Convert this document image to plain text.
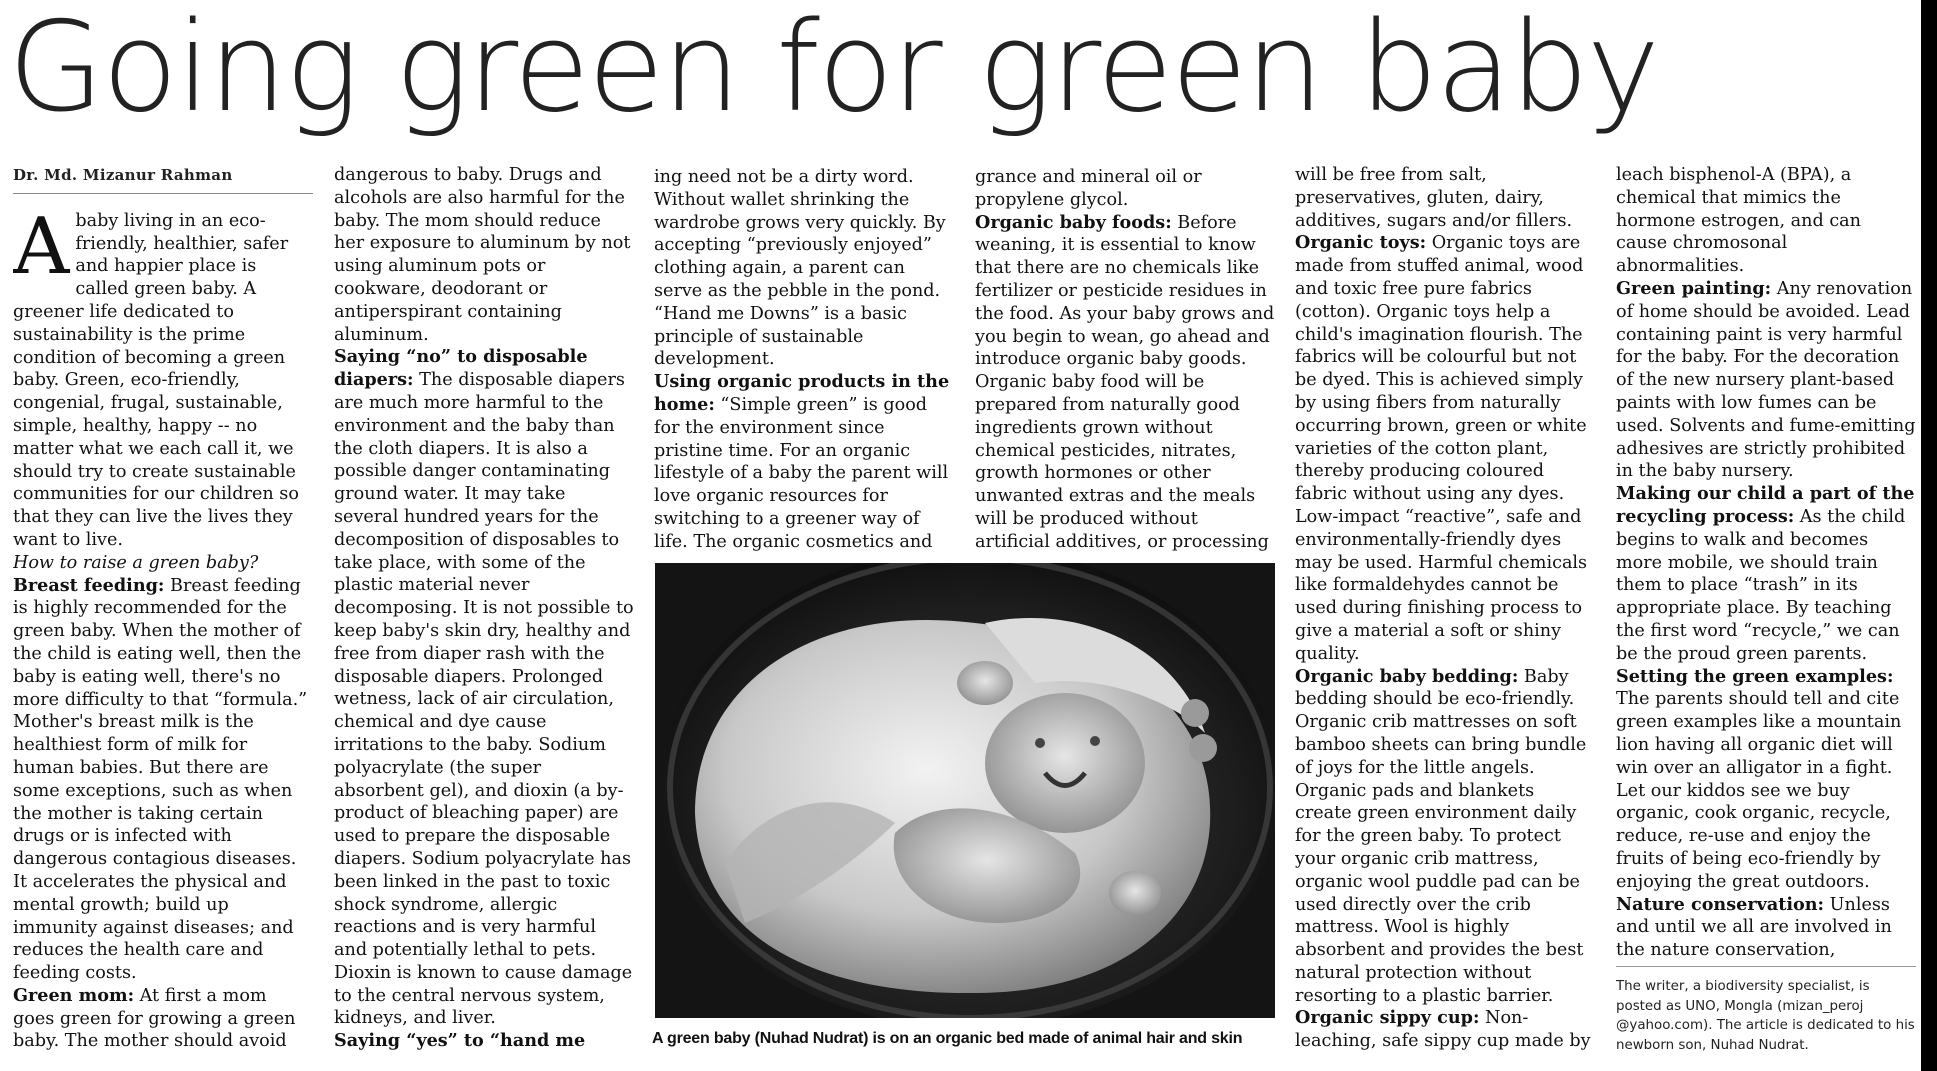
Going green for green baby
Dr. Md. Mizanur Rahman

A baby living in an eco-friendly, healthier, safer and happier place is called green baby. A greener life dedicated to sustainability is the prime condition of becoming a green baby. Green, eco-friendly, congenial, frugal, sustainable, simple, healthy, happy -- no matter what we each call it, we should try to create sustainable communities for our children so that they can live the lives they want to live.

How to raise a green baby?

Breast feeding: Breast feeding is highly recommended for the green baby. When the mother of the child is eating well, then the baby is eating well, there's no more difficulty to that “formula.” Mother's breast milk is the healthiest form of milk for human babies. But there are some exceptions, such as when the mother is taking certain drugs or is infected with dangerous contagious diseases. It accelerates the physical and mental growth; build up immunity against diseases; and reduces the health care and feeding costs.

Green mom: At first a mom goes green for growing a green baby. The mother should avoid

dangerous to baby. Drugs and alcohols are also harmful for the baby. The mom should reduce her exposure to aluminum by not using aluminum pots or cookware, deodorant or antiperspirant containing aluminum.

Saying “no” to disposable diapers: The disposable diapers are much more harmful to the environment and the baby than the cloth diapers. It is also a possible danger contaminating ground water. It may take several hundred years for the decomposition of disposables to take place, with some of the plastic material never decomposing. It is not possible to keep baby's skin dry, healthy and free from diaper rash with the disposable diapers. Prolonged wetness, lack of air circulation, chemical and dye cause irritations to the baby. Sodium polyacrylate (the super absorbent gel), and dioxin (a by-product of bleaching paper) are used to prepare the disposable diapers. Sodium polyacrylate has been linked in the past to toxic shock syndrome, allergic reactions and is very harmful and potentially lethal to pets. Dioxin is known to cause damage to the central nervous system, kidneys, and liver.

Saying “yes” to “hand me

ing need not be a dirty word. Without wallet shrinking the wardrobe grows very quickly. By accepting “previously enjoyed” clothing again, a parent can serve as the pebble in the pond. “Hand me Downs” is a basic principle of sustainable development.

Using organic products in the home: “Simple green” is good for the environment since pristine time. For an organic lifestyle of a baby the parent will love organic resources for switching to a greener way of life. The organic cosmetics and

grance and mineral oil or propylene glycol.

Organic baby foods: Before weaning, it is essential to know that there are no chemicals like fertilizer or pesticide residues in the food. As your baby grows and you begin to wean, go ahead and introduce organic baby goods. Organic baby food will be prepared from naturally good ingredients grown without chemical pesticides, nitrates, growth hormones or other unwanted extras and the meals will be produced without artificial additives, or processing

A green baby (Nuhad Nudrat) is on an organic bed made of animal hair and skin

will be free from salt, preservatives, gluten, dairy, additives, sugars and/or fillers.

Organic toys: Organic toys are made from stuffed animal, wood and toxic free pure fabrics (cotton). Organic toys help a child's imagination flourish. The fabrics will be colourful but not be dyed. This is achieved simply by using fibers from naturally occurring brown, green or white varieties of the cotton plant, thereby producing coloured fabric without using any dyes. Low-impact “reactive”, safe and environmentally-friendly dyes may be used. Harmful chemicals like formaldehydes cannot be used during finishing process to give a material a soft or shiny quality.

Organic baby bedding: Baby bedding should be eco-friendly. Organic crib mattresses on soft bamboo sheets can bring bundle of joys for the little angels. Organic pads and blankets create green environment daily for the green baby. To protect your organic crib mattress, organic wool puddle pad can be used directly over the crib mattress. Wool is highly absorbent and provides the best natural protection without resorting to a plastic barrier.

Organic sippy cup: Non-leaching, safe sippy cup made by

leach bisphenol-A (BPA), a chemical that mimics the hormone estrogen, and can cause chromosonal abnormalities.

Green painting: Any renovation of home should be avoided. Lead containing paint is very harmful for the baby. For the decoration of the new nursery plant-based paints with low fumes can be used. Solvents and fume-emitting adhesives are strictly prohibited in the baby nursery.

Making our child a part of the recycling process: As the child begins to walk and becomes more mobile, we should train them to place “trash” in its appropriate place. By teaching the first word “recycle,” we can be the proud green parents.

Setting the green examples: The parents should tell and cite green examples like a mountain lion having all organic diet will win over an alligator in a fight. Let our kiddos see we buy organic, cook organic, recycle, reduce, re-use and enjoy the fruits of being eco-friendly by enjoying the great outdoors.

Nature conservation: Unless and until we all are involved in the nature conservation,

The writer, a biodiversity specialist, is posted as UNO, Mongla (mizan_peroj @yahoo.com). The article is dedicated to his newborn son, Nuhad Nudrat.
